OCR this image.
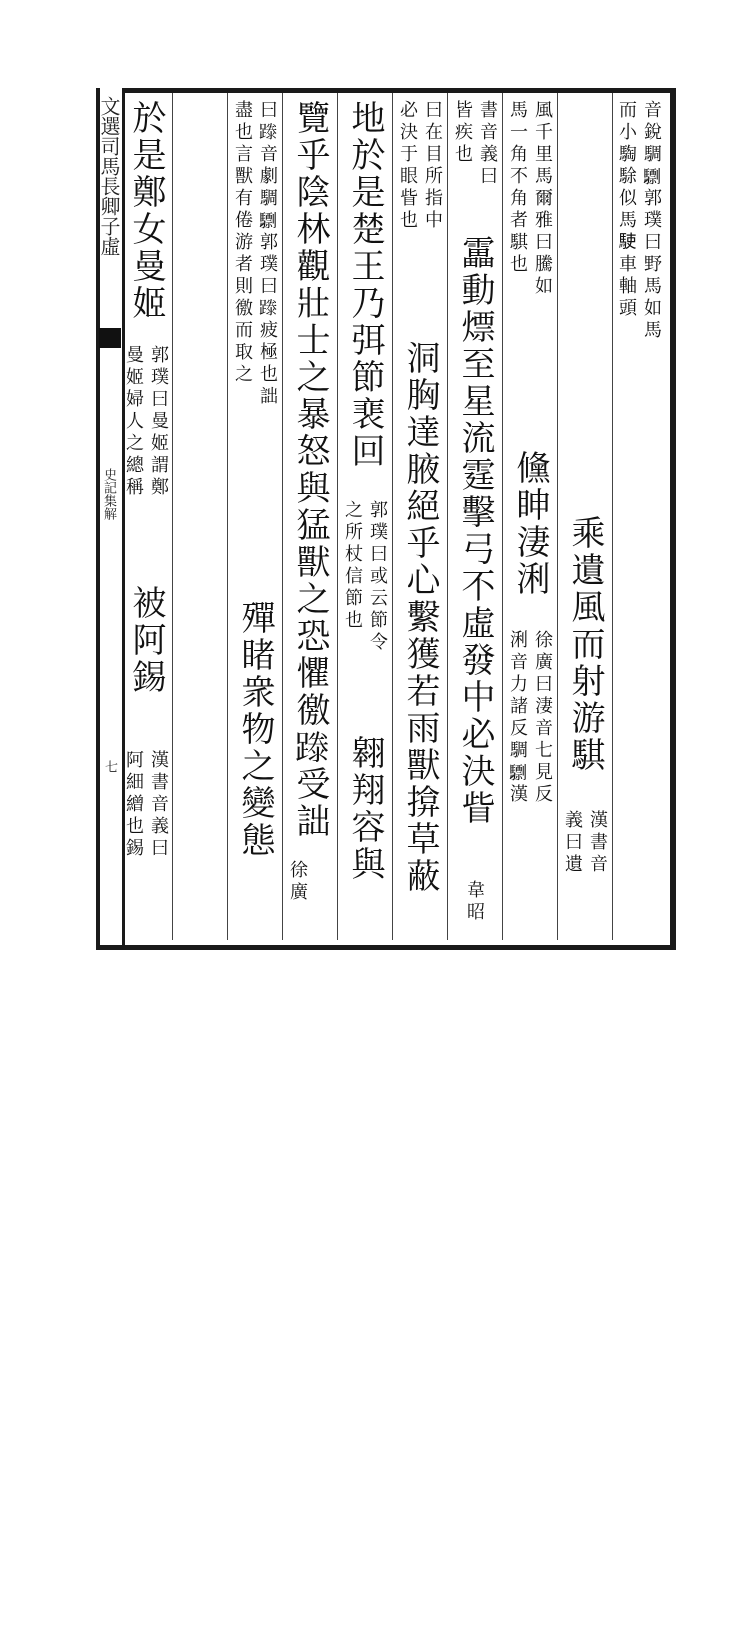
文選司馬長卿子虛
史記集解
七
音銳騆𩦠郭璞曰野馬如馬
而小騊駼似馬𩢲車軸頭
乘遺風而射游騏
漢書音
義曰遺
風千里馬爾雅曰騰如
馬一角不角者騏也
儵眒淒浰
徐廣曰淒音七見反
浰音力諸反騆𩦠漢
書音義曰
皆疾也
靁動熛至星流霆擊弓不虛發中必決眥
韋昭
曰在目所指中
必決于眼眥也
洞胸達腋絕乎心繫獲若雨獸揜草蔽
地於是楚王乃弭節裵回
郭璞曰或云節令
之所杖信節也
翱翔容與
覽乎陰林觀壯士之暴怒與猛獸之恐懼徼𨄇受詘
徐廣
曰𨄇音劇騆𩦠郭璞曰𨄇疲極也詘
盡也言獸有倦游者則徼而取之
殫睹衆物之變態
於是鄭女曼姬
郭璞曰曼姬謂鄭
曼姬婦人之總稱
被阿錫
漢書音義曰
阿細繒也錫
